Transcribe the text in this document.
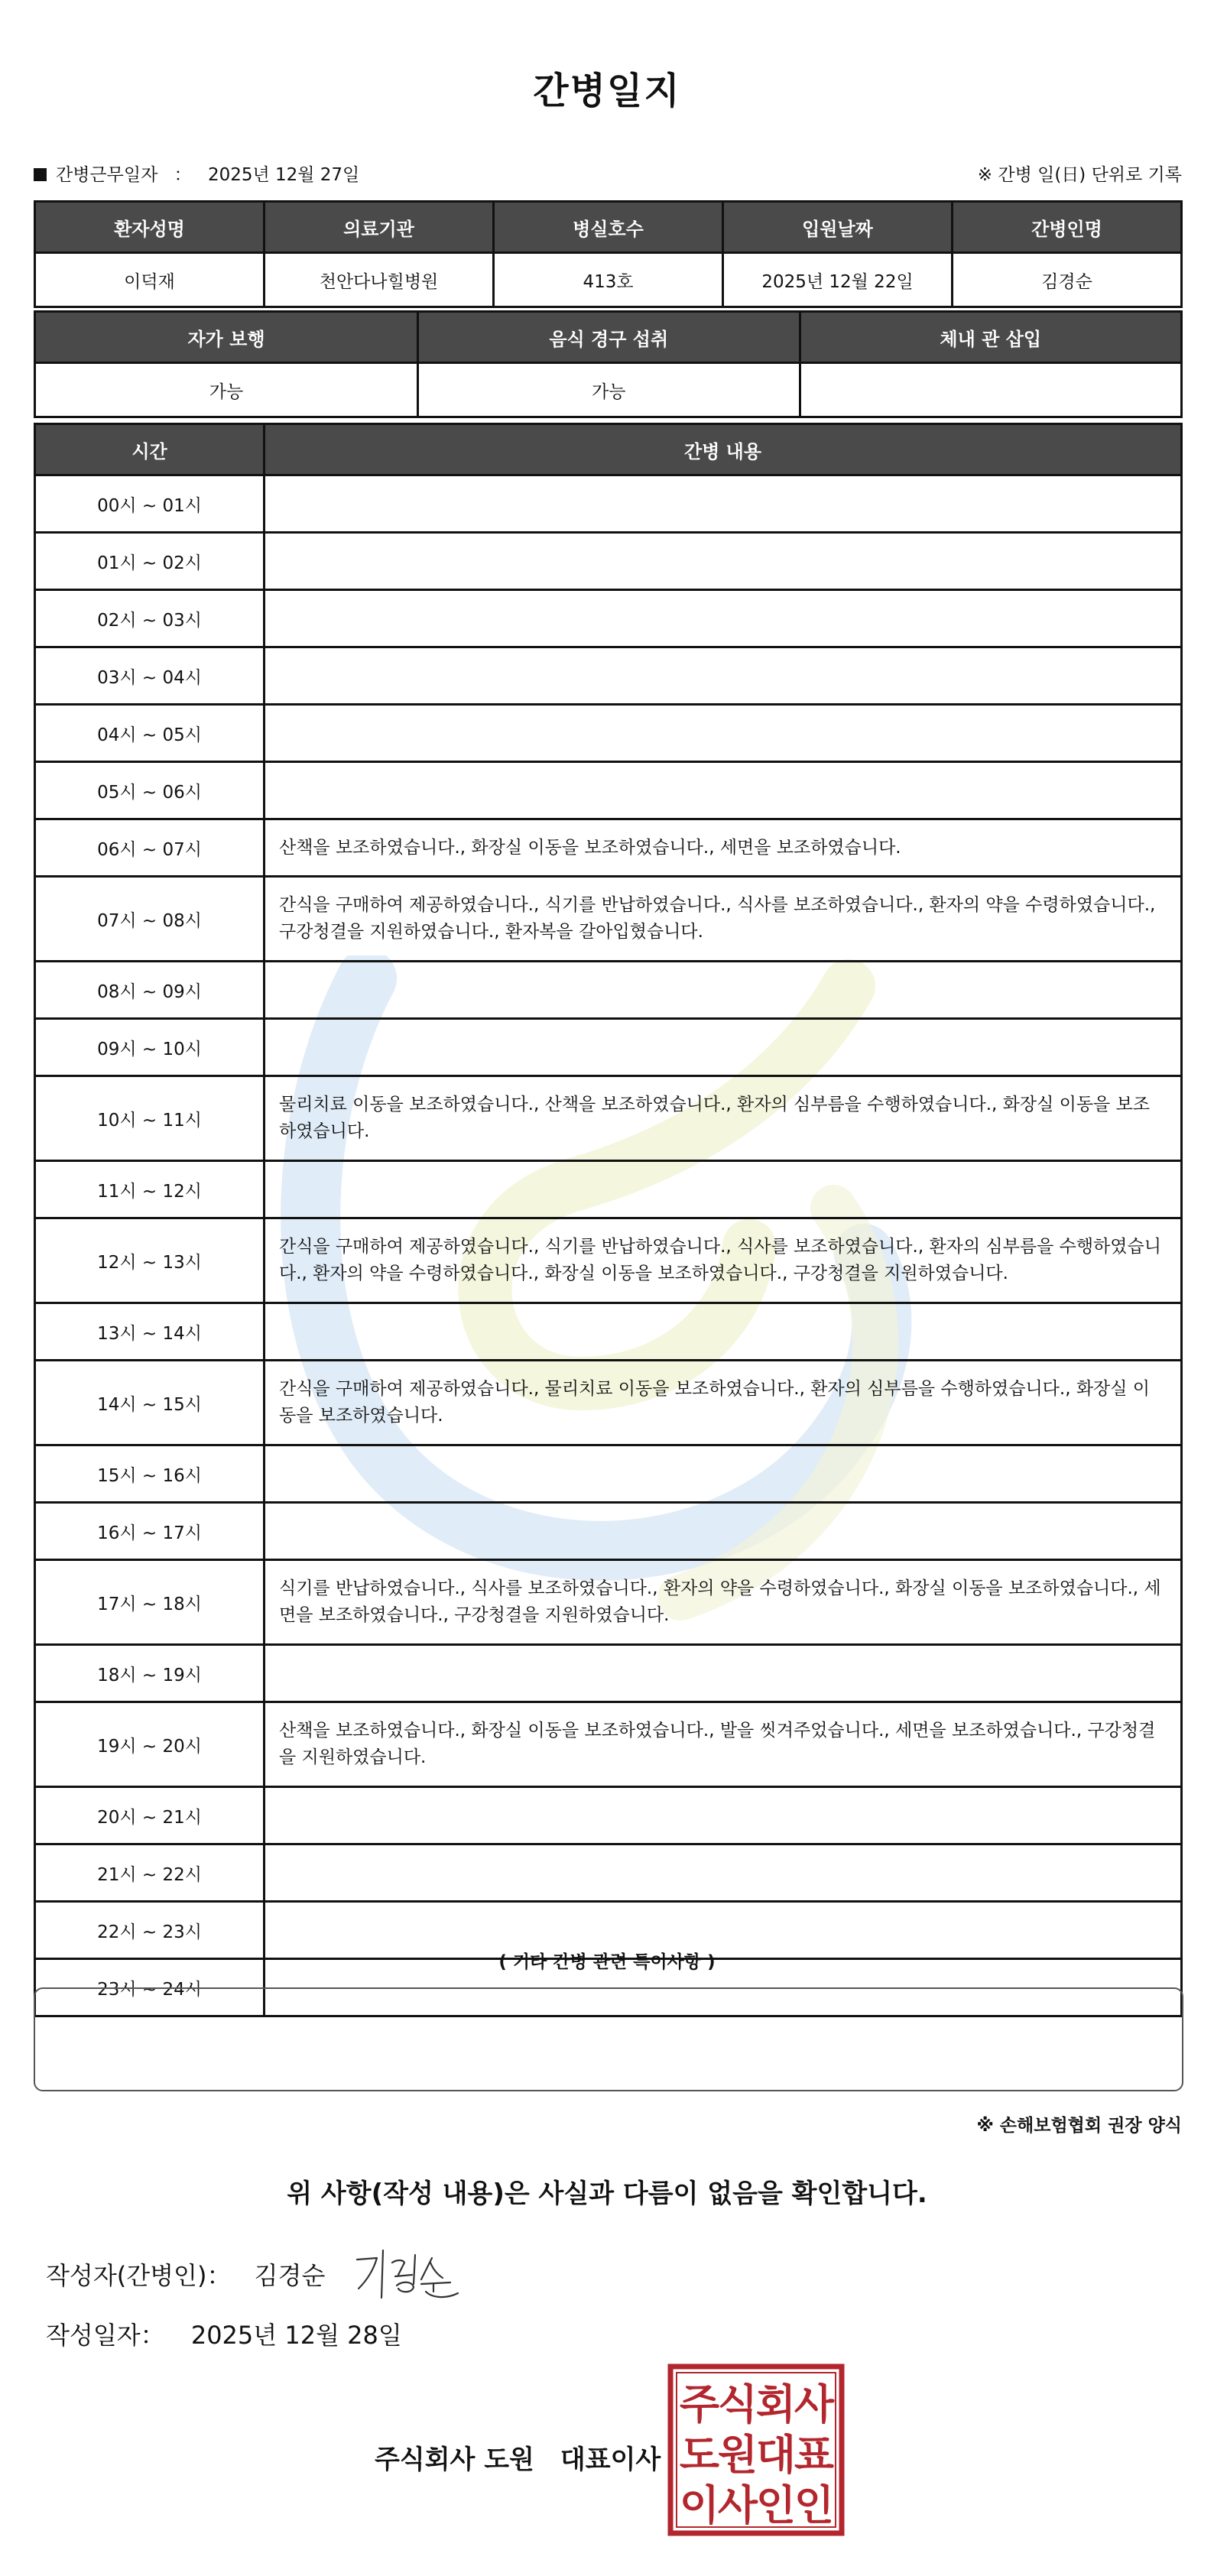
간병일지
간병근무일자 ： 2025년 12월 27일	※ 간병 일(日) 단위로 기록
환자성명	의료기관	병실호수	입원날짜	간병인명
이덕재	천안다나힐병원	413호	2025년 12월 22일	김경순
자가 보행	음식 경구 섭취	체내 관 삽입
가능	가능	
시간	간병 내용
00시 ~ 01시	
01시 ~ 02시	
02시 ~ 03시	
03시 ~ 04시	
04시 ~ 05시	
05시 ~ 06시	
06시 ~ 07시	산책을 보조하였습니다., 화장실 이동을 보조하였습니다., 세면을 보조하였습니다.
07시 ~ 08시	간식을 구매하여 제공하였습니다., 식기를 반납하였습니다., 식사를 보조하였습니다., 환자의 약을 수령하였습니다., 구강청결을 지원하였습니다., 환자복을 갈아입혔습니다.
08시 ~ 09시	
09시 ~ 10시	
10시 ~ 11시	물리치료 이동을 보조하였습니다., 산책을 보조하였습니다., 환자의 심부름을 수행하였습니다., 화장실 이동을 보조하였습니다.
11시 ~ 12시	
12시 ~ 13시	간식을 구매하여 제공하였습니다., 식기를 반납하였습니다., 식사를 보조하였습니다., 환자의 심부름을 수행하였습니다., 환자의 약을 수령하였습니다., 화장실 이동을 보조하였습니다., 구강청결을 지원하였습니다.
13시 ~ 14시	
14시 ~ 15시	간식을 구매하여 제공하였습니다., 물리치료 이동을 보조하였습니다., 환자의 심부름을 수행하였습니다., 화장실 이동을 보조하였습니다.
15시 ~ 16시	
16시 ~ 17시	
17시 ~ 18시	식기를 반납하였습니다., 식사를 보조하였습니다., 환자의 약을 수령하였습니다., 화장실 이동을 보조하였습니다., 세면을 보조하였습니다., 구강청결을 지원하였습니다.
18시 ~ 19시	
19시 ~ 20시	산책을 보조하였습니다., 화장실 이동을 보조하였습니다., 발을 씻겨주었습니다., 세면을 보조하였습니다., 구강청결을 지원하였습니다.
20시 ~ 21시	
21시 ~ 22시	
22시 ~ 23시	
23시 ~ 24시	
( 기타 간병 관련 특이사항 )
※ 손해보험협회 권장 양식
위 사항(작성 내용)은 사실과 다름이 없음을 확인합니다.
작성자(간병인)： 김경순
작성일자： 2025년 12월 28일
주식회사 도원　대표이사
주
식
회
사
도
원
대
표
이
사
인
인
